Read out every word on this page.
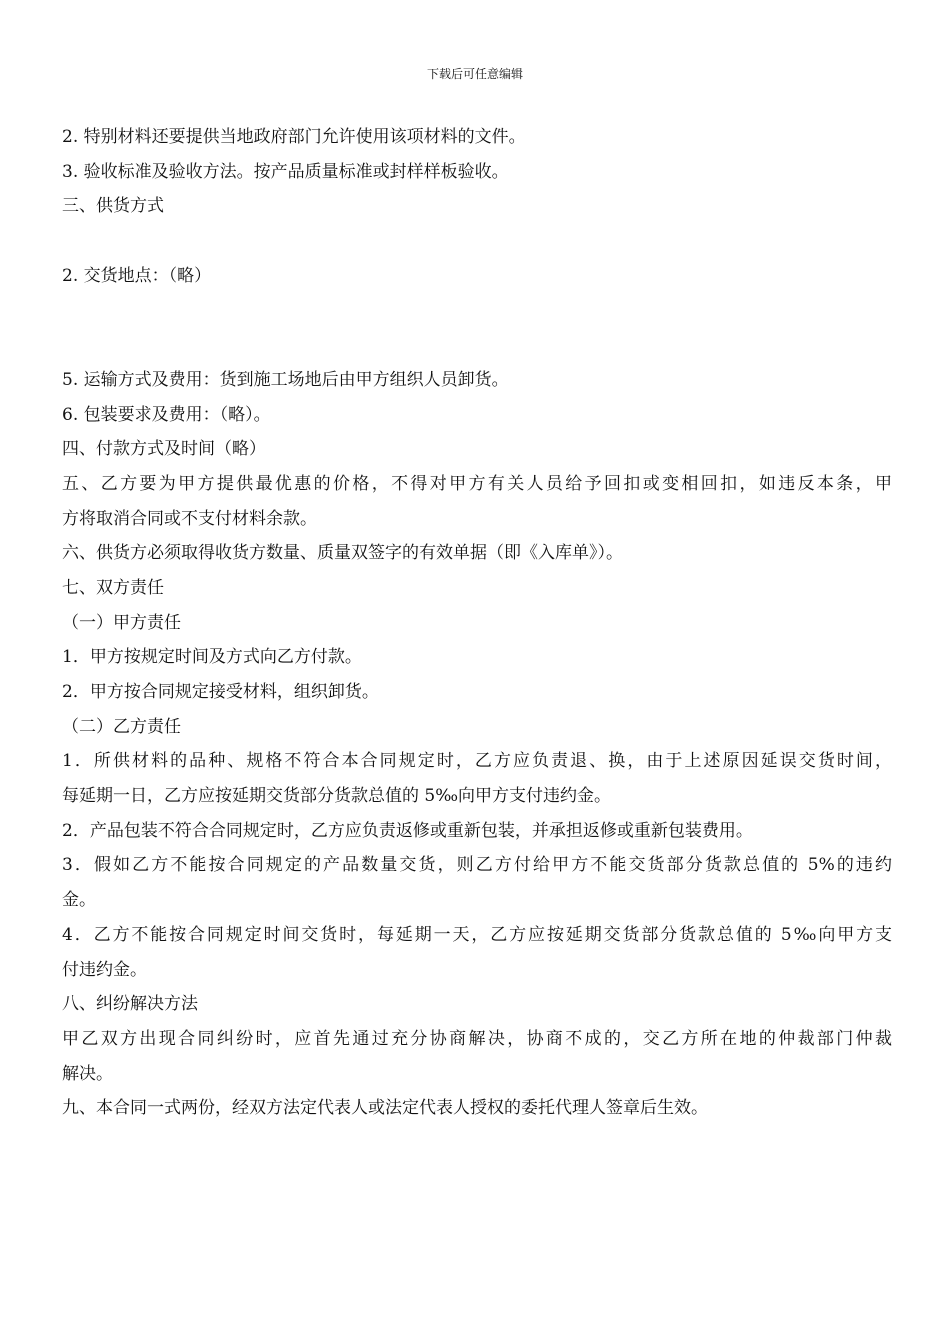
下载后可任意编辑
2. 特别材料还要提供当地政府部门允许使用该项材料的文件。
3. 验收标准及验收方法。按产品质量标准或封样样板验收。
三、供货方式

2. 交货地点：（略）

5. 运输方式及费用：货到施工场地后由甲方组织人员卸货。
6. 包装要求及费用：（略）。
四、付款方式及时间（略）
五、乙方要为甲方提供最优惠的价格，不得对甲方有关人员给予回扣或变相回扣，如违反本条，甲
方将取消合同或不支付材料余款。
六、供货方必须取得收货方数量、质量双签字的有效单据（即《入库单》）。
七、双方责任
（一）甲方责任
1．甲方按规定时间及方式向乙方付款。
2．甲方按合同规定接受材料，组织卸货。
（二）乙方责任
1．所供材料的品种、规格不符合本合同规定时，乙方应负责退、换，由于上述原因延误交货时间，
每延期一日，乙方应按延期交货部分货款总值的 5‰向甲方支付违约金。
2．产品包装不符合合同规定时，乙方应负责返修或重新包装，并承担返修或重新包装费用。
3．假如乙方不能按合同规定的产品数量交货，则乙方付给甲方不能交货部分货款总值的 5%的违约
金。
4．乙方不能按合同规定时间交货时，每延期一天，乙方应按延期交货部分货款总值的 5‰向甲方支
付违约金。
八、纠纷解决方法
甲乙双方出现合同纠纷时，应首先通过充分协商解决，协商不成的，交乙方所在地的仲裁部门仲裁
解决。
九、本合同一式两份，经双方法定代表人或法定代表人授权的委托代理人签章后生效。
